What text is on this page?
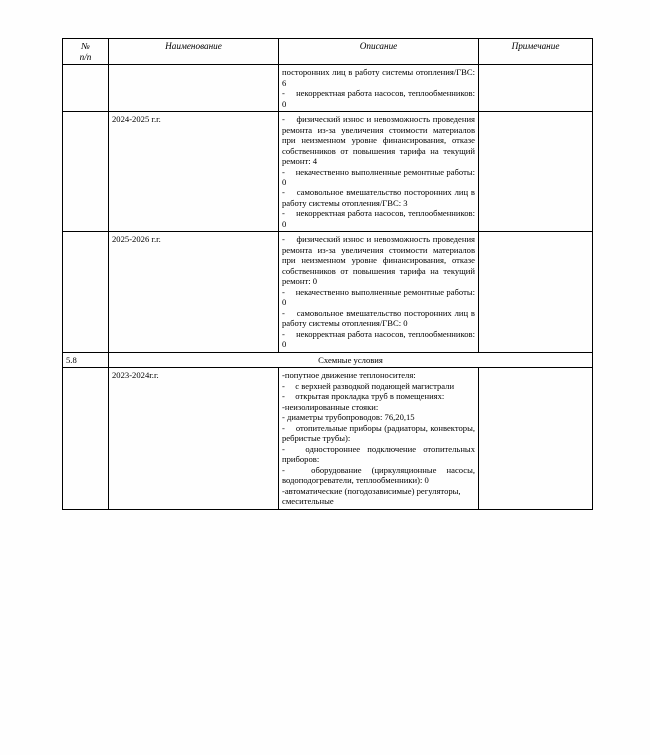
№
п/п	Наименование	Описание	Примечание

		посторонних лиц в работу системы отопления/ГВС: 6

-  некорректная работа насосов, теплообменников: 0	

	2024-2025 г.г.	-  физический износ и невозможность проведения ремонта из-за увеличения стоимости материалов при неизменном уровне финансирования, отказе собственников от повышения тарифа на текущий ремонт: 4

-  некачественно выполненные ремонтные работы: 0

-  самовольное вмешательство посторонних лиц в работу системы отопления/ГВС: 3

-  некорректная работа насосов, теплообменников: 0	

	2025-2026 г.г.	-  физический износ и невозможность проведения ремонта из-за увеличения стоимости материалов при неизменном уровне финансирования, отказе собственников от повышения тарифа на текущий ремонт: 0

-  некачественно выполненные ремонтные работы: 0

-  самовольное вмешательство посторонних лиц в работу системы отопления/ГВС: 0

-  некорректная работа насосов, теплообменников: 0	

5.8	Схемные условия		
	2023-2024г.г.	-попутное движение теплоносителя:

-  с верхней разводкой подающей магистрали

-  открытая прокладка труб в помещениях:

-неизолированные стояки:

- диаметры трубопроводов: 76,20,15

-  отопительные приборы (радиаторы, конвекторы, ребристые трубы):

-  одностороннее подключение отопительных приборов:

-  оборудование (циркуляционные насосы, водоподогреватели, теплообменники): 0

-автоматические (погодозависимые) регуляторы, смесительные
